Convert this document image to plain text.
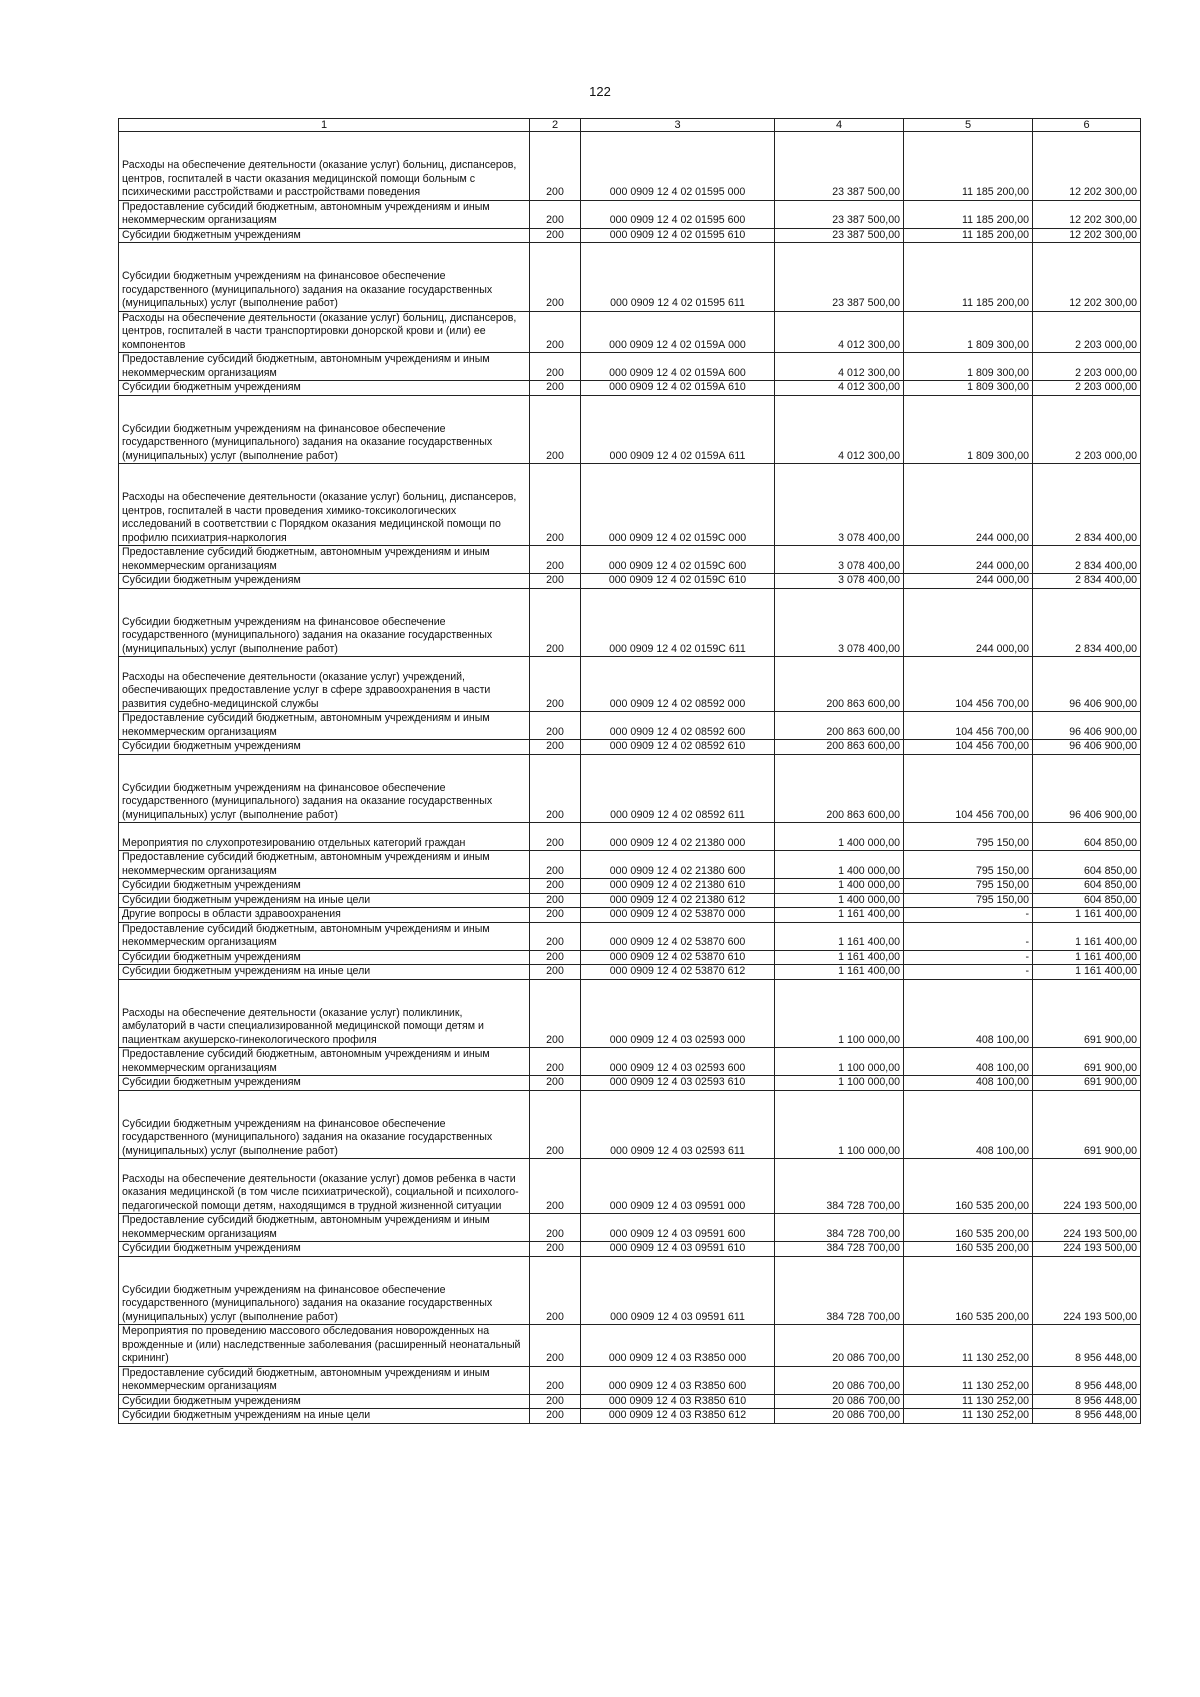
122
1	2	3	4	5	6
Расходы на обеспечение деятельности (оказание услуг) больниц, диспансеров, центров, госпиталей в части оказания медицинской помощи больным с психическими расстройствами и расстройствами поведения	200	000 0909 12 4 02 01595 000	23 387 500,00	11 185 200,00	12 202 300,00
Предоставление субсидий бюджетным, автономным учреждениям и иным некоммерческим организациям	200	000 0909 12 4 02 01595 600	23 387 500,00	11 185 200,00	12 202 300,00
Субсидии бюджетным учреждениям	200	000 0909 12 4 02 01595 610	23 387 500,00	11 185 200,00	12 202 300,00
Субсидии бюджетным учреждениям на финансовое обеспечение государственного (муниципального) задания на оказание государственных (муниципальных) услуг (выполнение работ)	200	000 0909 12 4 02 01595 611	23 387 500,00	11 185 200,00	12 202 300,00
Расходы на обеспечение деятельности (оказание услуг) больниц, диспансеров, центров, госпиталей в части транспортировки донорской крови и (или) ее компонентов	200	000 0909 12 4 02 0159А 000	4 012 300,00	1 809 300,00	2 203 000,00
Предоставление субсидий бюджетным, автономным учреждениям и иным некоммерческим организациям	200	000 0909 12 4 02 0159А 600	4 012 300,00	1 809 300,00	2 203 000,00
Субсидии бюджетным учреждениям	200	000 0909 12 4 02 0159А 610	4 012 300,00	1 809 300,00	2 203 000,00
Субсидии бюджетным учреждениям на финансовое обеспечение государственного (муниципального) задания на оказание государственных (муниципальных) услуг (выполнение работ)	200	000 0909 12 4 02 0159А 611	4 012 300,00	1 809 300,00	2 203 000,00
Расходы на обеспечение деятельности (оказание услуг) больниц, диспансеров, центров, госпиталей в части проведения химико-токсикологических исследований в соответствии с Порядком оказания медицинской помощи по профилю психиатрия-наркология	200	000 0909 12 4 02 0159С 000	3 078 400,00	244 000,00	2 834 400,00
Предоставление субсидий бюджетным, автономным учреждениям и иным некоммерческим организациям	200	000 0909 12 4 02 0159С 600	3 078 400,00	244 000,00	2 834 400,00
Субсидии бюджетным учреждениям	200	000 0909 12 4 02 0159С 610	3 078 400,00	244 000,00	2 834 400,00
Субсидии бюджетным учреждениям на финансовое обеспечение государственного (муниципального) задания на оказание государственных (муниципальных) услуг (выполнение работ)	200	000 0909 12 4 02 0159С 611	3 078 400,00	244 000,00	2 834 400,00
Расходы на обеспечение деятельности (оказание услуг) учреждений, обеспечивающих предоставление услуг в сфере здравоохранения в части развития судебно-медицинской службы	200	000 0909 12 4 02 08592 000	200 863 600,00	104 456 700,00	96 406 900,00
Предоставление субсидий бюджетным, автономным учреждениям и иным некоммерческим организациям	200	000 0909 12 4 02 08592 600	200 863 600,00	104 456 700,00	96 406 900,00
Субсидии бюджетным учреждениям	200	000 0909 12 4 02 08592 610	200 863 600,00	104 456 700,00	96 406 900,00
Субсидии бюджетным учреждениям на финансовое обеспечение государственного (муниципального) задания на оказание государственных (муниципальных) услуг (выполнение работ)	200	000 0909 12 4 02 08592 611	200 863 600,00	104 456 700,00	96 406 900,00
Мероприятия по слухопротезированию отдельных категорий граждан	200	000 0909 12 4 02 21380 000	1 400 000,00	795 150,00	604 850,00
Предоставление субсидий бюджетным, автономным учреждениям и иным некоммерческим организациям	200	000 0909 12 4 02 21380 600	1 400 000,00	795 150,00	604 850,00
Субсидии бюджетным учреждениям	200	000 0909 12 4 02 21380 610	1 400 000,00	795 150,00	604 850,00
Субсидии бюджетным учреждениям на иные цели	200	000 0909 12 4 02 21380 612	1 400 000,00	795 150,00	604 850,00
Другие вопросы в области здравоохранения	200	000 0909 12 4 02 53870 000	1 161 400,00	-	1 161 400,00
Предоставление субсидий бюджетным, автономным учреждениям и иным некоммерческим организациям	200	000 0909 12 4 02 53870 600	1 161 400,00	-	1 161 400,00
Субсидии бюджетным учреждениям	200	000 0909 12 4 02 53870 610	1 161 400,00	-	1 161 400,00
Субсидии бюджетным учреждениям на иные цели	200	000 0909 12 4 02 53870 612	1 161 400,00	-	1 161 400,00
Расходы на обеспечение деятельности (оказание услуг) поликлиник, амбулаторий в части специализированной медицинской помощи детям и пациенткам акушерско-гинекологического профиля	200	000 0909 12 4 03 02593 000	1 100 000,00	408 100,00	691 900,00
Предоставление субсидий бюджетным, автономным учреждениям и иным некоммерческим организациям	200	000 0909 12 4 03 02593 600	1 100 000,00	408 100,00	691 900,00
Субсидии бюджетным учреждениям	200	000 0909 12 4 03 02593 610	1 100 000,00	408 100,00	691 900,00
Субсидии бюджетным учреждениям на финансовое обеспечение государственного (муниципального) задания на оказание государственных (муниципальных) услуг (выполнение работ)	200	000 0909 12 4 03 02593 611	1 100 000,00	408 100,00	691 900,00
Расходы на обеспечение деятельности (оказание услуг) домов ребенка в части оказания медицинской (в том числе психиатрической), социальной и психолого-педагогической помощи детям, находящимся в трудной жизненной ситуации	200	000 0909 12 4 03 09591 000	384 728 700,00	160 535 200,00	224 193 500,00
Предоставление субсидий бюджетным, автономным учреждениям и иным некоммерческим организациям	200	000 0909 12 4 03 09591 600	384 728 700,00	160 535 200,00	224 193 500,00
Субсидии бюджетным учреждениям	200	000 0909 12 4 03 09591 610	384 728 700,00	160 535 200,00	224 193 500,00
Субсидии бюджетным учреждениям на финансовое обеспечение государственного (муниципального) задания на оказание государственных (муниципальных) услуг (выполнение работ)	200	000 0909 12 4 03 09591 611	384 728 700,00	160 535 200,00	224 193 500,00
Мероприятия по проведению массового обследования новорожденных на врожденные и (или) наследственные заболевания (расширенный неонатальный скрининг)	200	000 0909 12 4 03 R3850 000	20 086 700,00	11 130 252,00	8 956 448,00
Предоставление субсидий бюджетным, автономным учреждениям и иным некоммерческим организациям	200	000 0909 12 4 03 R3850 600	20 086 700,00	11 130 252,00	8 956 448,00
Субсидии бюджетным учреждениям	200	000 0909 12 4 03 R3850 610	20 086 700,00	11 130 252,00	8 956 448,00
Субсидии бюджетным учреждениям на иные цели	200	000 0909 12 4 03 R3850 612	20 086 700,00	11 130 252,00	8 956 448,00
